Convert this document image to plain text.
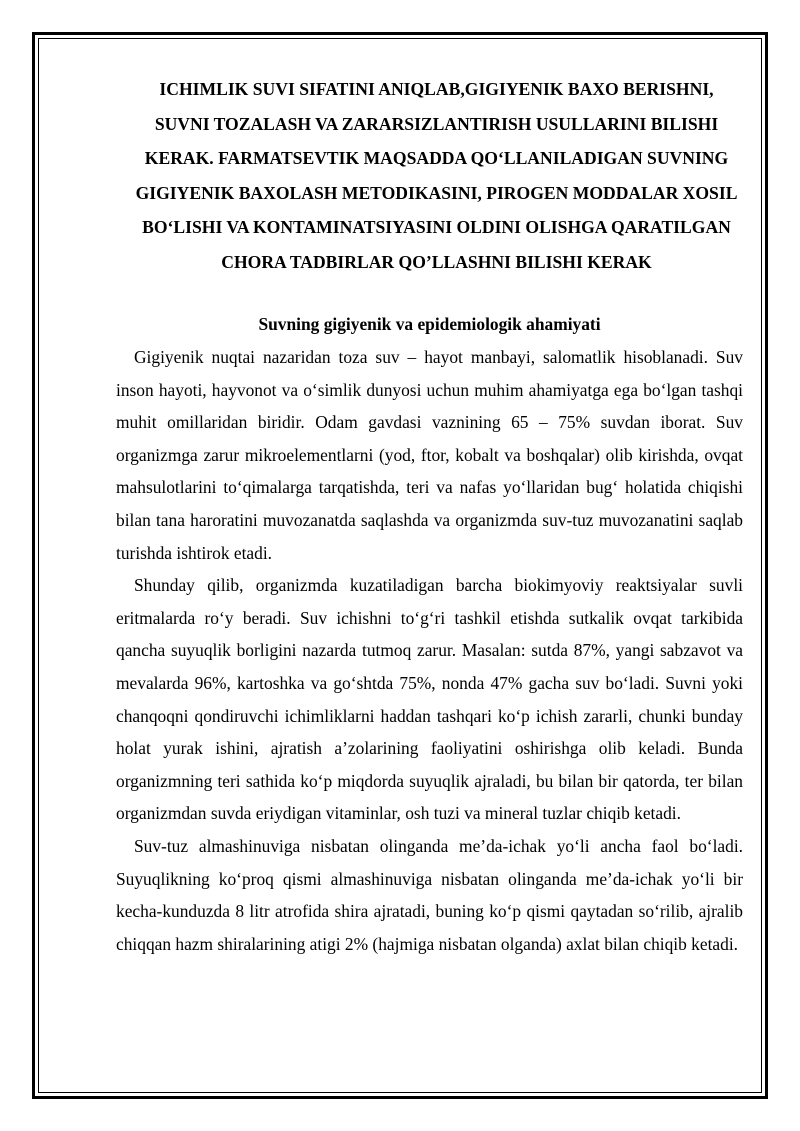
ICHIMLIK SUVI SIFATINI ANIQLAB,GIGIYENIK BAXO BERISHNI, SUVNI TOZALASH VA ZARARSIZLANTIRISH USULLARINI BILISHI KERAK. FARMATSEVTIK MAQSADDA QO‘LLANILADIGAN SUVNING GIGIYENIK BAXOLASH METODIKASINI, PIROGEN MODDALAR XOSIL BO‘LISHI VA KONTAMINATSIYASINI OLDINI OLISHGA QARATILGAN CHORA TADBIRLAR QO’LLASHNI BILISHI KERAK
Suvning gigiyenik va epidemiologik ahamiyati

Gigiyenik nuqtai nazaridan toza suv – hayot manbayi, salomatlik hisoblanadi. Suv inson hayoti, hayvonot va o‘simlik dunyosi uchun muhim ahamiyatga ega bo‘lgan tashqi muhit omillaridan biridir. Odam gavdasi vaznining 65 – 75% suvdan iborat. Suv organizmga zarur mikroelementlarni (yod, ftor, kobalt va boshqalar) olib kirishda, ovqat mahsulotlarini to‘qimalarga tarqatishda, teri va nafas yo‘llaridan bug‘ holatida chiqishi bilan tana haroratini muvozanatda saqlashda va organizmda suv-tuz muvozanatini saqlab turishda ishtirok etadi.

Shunday qilib, organizmda kuzatiladigan barcha biokimyoviy reaktsiyalar suvli eritmalarda ro‘y beradi. Suv ichishni to‘g‘ri tashkil etishda sutkalik ovqat tarkibida qancha suyuqlik borligini nazarda tutmoq zarur. Masalan: sutda 87%, yangi sabzavot va mevalarda 96%, kartoshka va go‘shtda 75%, nonda 47% gacha suv bo‘ladi. Suvni yoki chanqoqni qondiruvchi ichimliklarni haddan tashqari ko‘p ichish zararli, chunki bunday holat yurak ishini, ajratish a’zolarining faoliyatini oshirishga olib keladi. Bunda organizmning teri sathida ko‘p miqdorda suyuqlik ajraladi, bu bilan bir qatorda, ter bilan organizmdan suvda eriydigan vitaminlar, osh tuzi va mineral tuzlar chiqib ketadi.

Suv-tuz almashinuviga nisbatan olinganda me’da-ichak yo‘li ancha faol bo‘ladi. Suyuqlikning ko‘proq qismi almashinuviga nisbatan olinganda me’da-ichak yo‘li bir kecha-kunduzda 8 litr atrofida shira ajratadi, buning ko‘p qismi qaytadan so‘rilib, ajralib chiqqan hazm shiralarining atigi 2% (hajmiga nisbatan olganda) axlat bilan chiqib ketadi.
